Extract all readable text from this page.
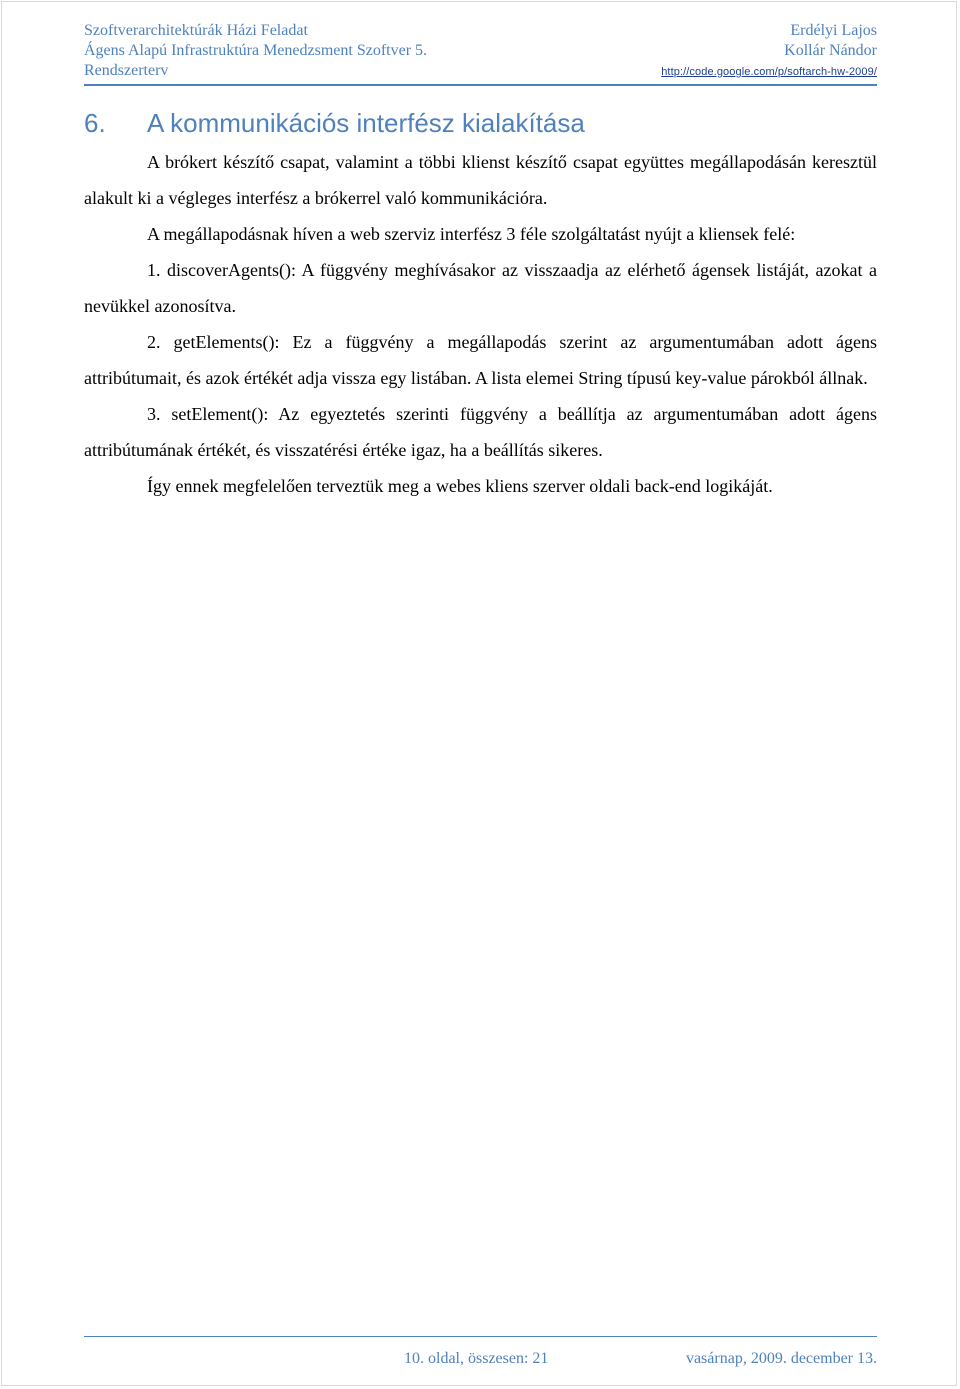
Szoftverarchitektúrák Házi Feladat
Ágens Alapú Infrastruktúra Menedzsment Szoftver 5.
Rendszerterv
Erdélyi Lajos
Kollár Nándor
http://code.google.com/p/softarch-hw-2009/
6. A kommunikációs interfész kialakítása

A brókert készítő csapat, valamint a többi klienst készítő csapat együttes megállapodásán keresztül alakult ki a végleges interfész a brókerrel való kommunikációra.

A megállapodásnak híven a web szerviz interfész 3 féle szolgáltatást nyújt a kliensek felé:

1. discoverAgents(): A függvény meghívásakor az visszaadja az elérhető ágensek listáját, azokat a nevükkel azonosítva.

2. getElements(): Ez a függvény a megállapodás szerint az argumentumában adott ágens attribútumait, és azok értékét adja vissza egy listában. A lista elemei String típusú key-value párokból állnak.

3. setElement(): Az egyeztetés szerinti függvény a beállítja az argumentumában adott ágens attribútumának értékét, és visszatérési értéke igaz, ha a beállítás sikeres.

Így ennek megfelelően terveztük meg a webes kliens szerver oldali back-end logikáját.

10. oldal, összesen: 21	vasárnap, 2009. december 13.
